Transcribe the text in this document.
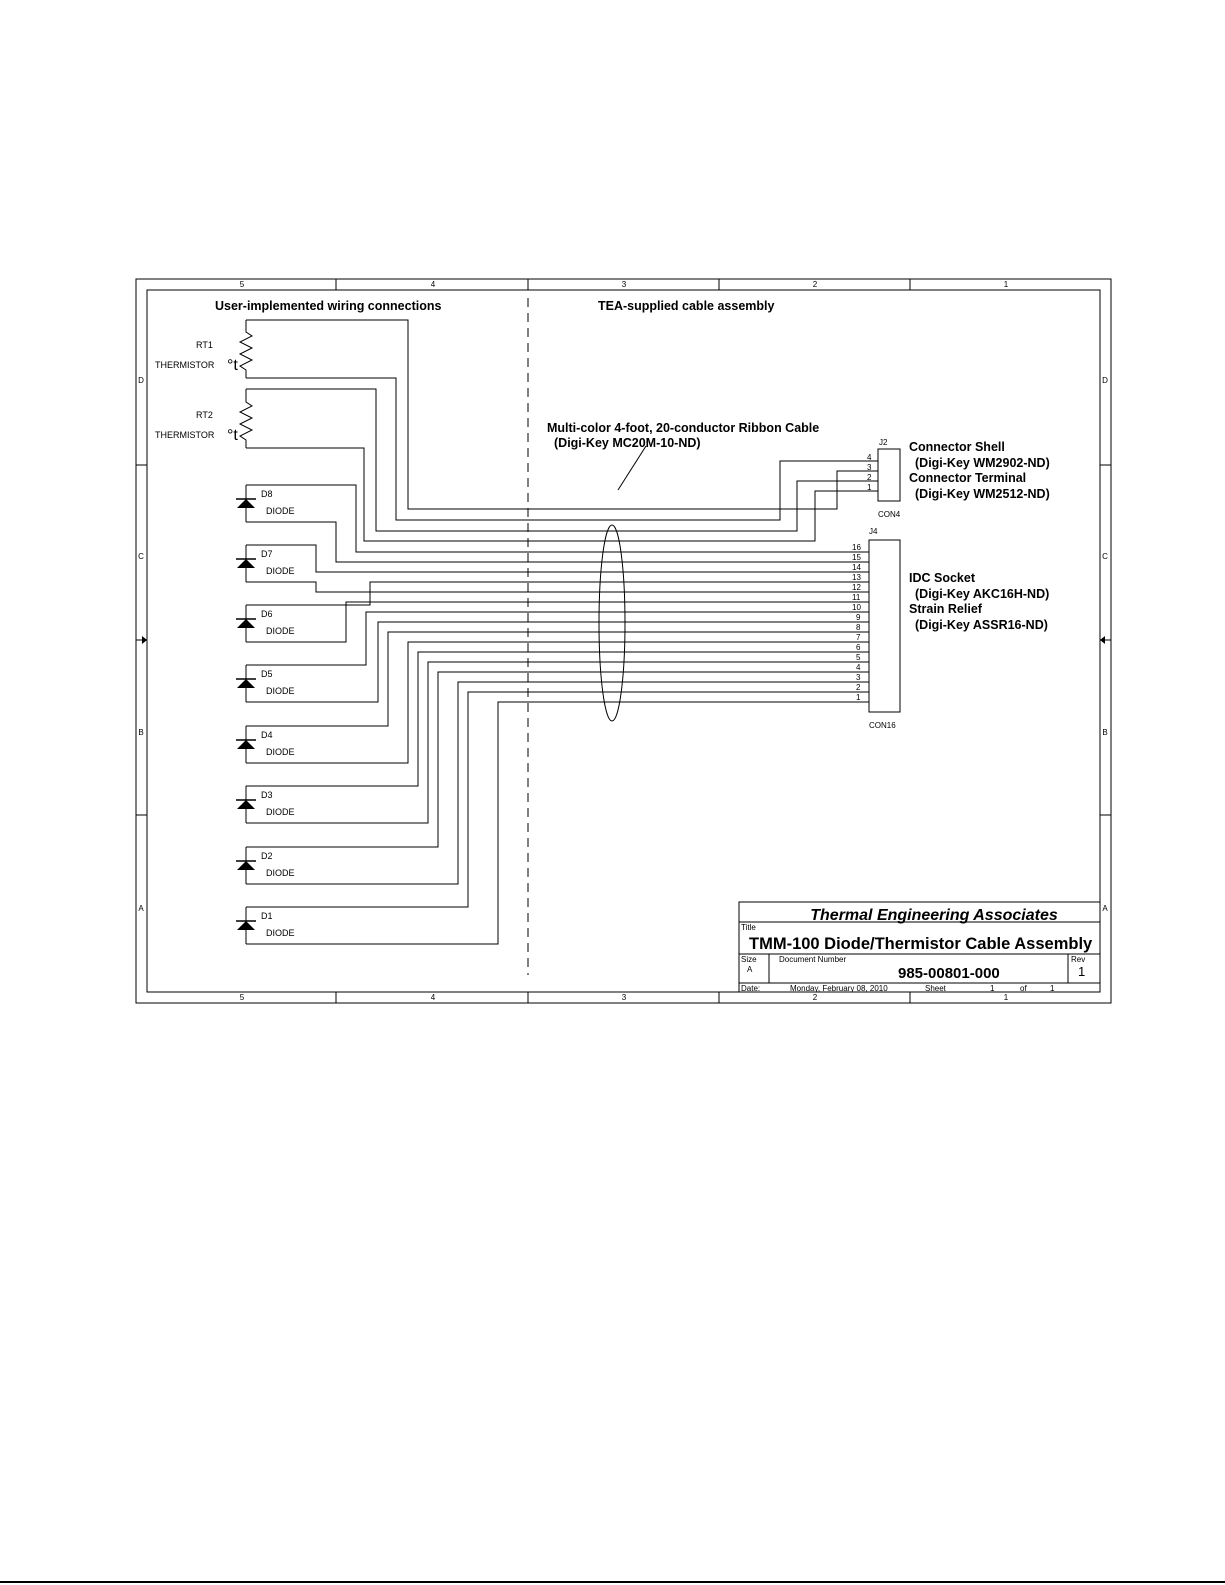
5	4	3	2	1
5	4	3	2	1
D
C
B
A
D
C
B
A
User-implemented wiring connections	TEA-supplied cable assembly
RT1
THERMISTOR °t
RT2
THERMISTOR °t
D8
DIODE
D7
DIODE
D6
DIODE
D5
DIODE
D4
DIODE
D3
DIODE
D2
DIODE
D1
DIODE
Multi-color 4-foot, 20-conductor Ribbon Cable
(Digi-Key MC20M-10-ND)	J2
4
3
2
1
CON4
Connector Shell
(Digi-Key WM2902-ND)
Connector Terminal
(Digi-Key WM2512-ND)
J4
16
15
14
13
12
11
10
9
8
7
6
5
4
3
2
1
CON16
IDC Socket
(Digi-Key AKC16H-ND)
Strain Relief
(Digi-Key ASSR16-ND)
Thermal Engineering Associates
Title
TMM-100 Diode/Thermistor Cable Assembly
Size
A
Document Number
985-00801-000
Rev
1
Date:	Monday, February 08, 2010	Sheet	1	of	1
